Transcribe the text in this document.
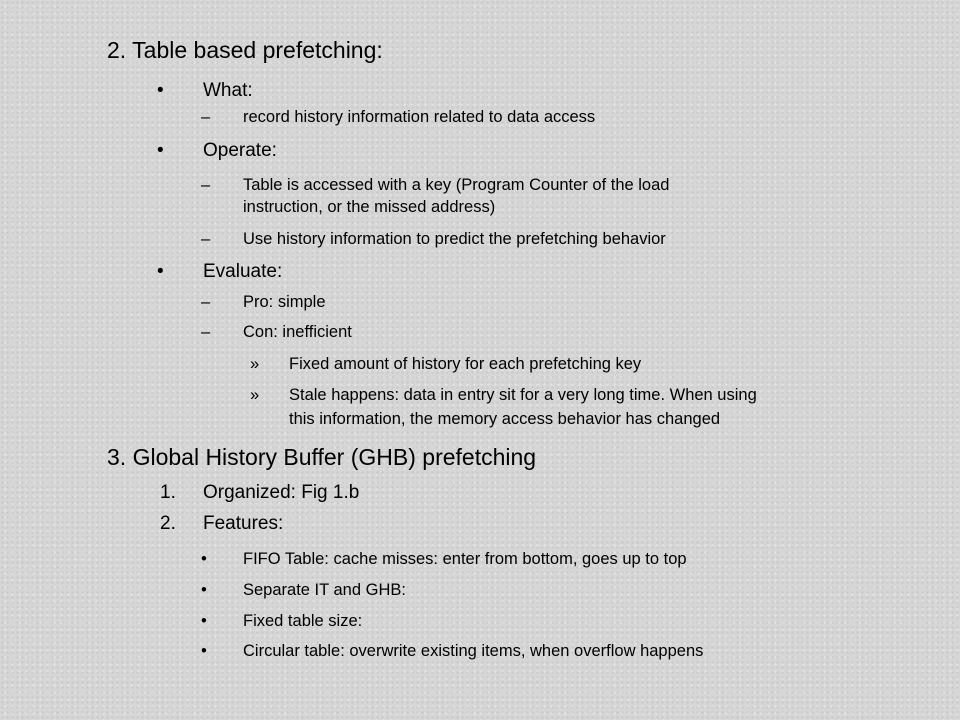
2. Table based prefetching:
• What:
– record history information related to data access
• Operate:
– Table is accessed with a key (Program Counter of the load
instruction, or the missed address)
– Use history information to predict the prefetching behavior
• Evaluate:
– Pro: simple
– Con: inefficient
» Fixed amount of history for each prefetching key
» Stale happens: data in entry sit for a very long time. When using
this information, the memory access behavior has changed
3. Global History Buffer (GHB) prefetching
1. Organized: Fig 1.b
2. Features:
• FIFO Table: cache misses: enter from bottom, goes up to top
• Separate IT and GHB:
• Fixed table size:
• Circular table: overwrite existing items, when overflow happens
